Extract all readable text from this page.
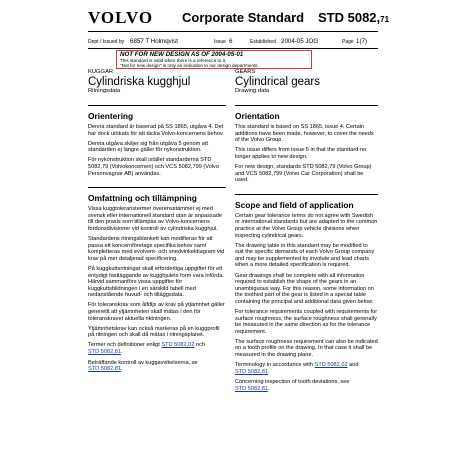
VOLVO Corporate Standard STD 5082,71
Dept / Issued by 6857 T Holmqvist	Issue 6	Established 2004-05 JOG	Page 1(7)
NOT FOR NEW DESIGN AS OF 2004-05-01
This standard is valid when there is a reference to it.
"Not for new design" is only an indication to our design departments.
KUGGAR
Cylindriska kugghjul
Ritningsdata
Orientering

Denna standard är baserad på SS 1865, utgåva 4. Det har dock utökats för att täcka Volvo-koncernens behov.

Denna utgåva skiljer sig från utgåva 5 genom att standarden ej längre gäller för nykonstruktion.

För nykonstruktion skall istället standarderna STD 5082,79 (Volvokoncernen) och VCS 5082,799 (Volvo Personvagnar AB) användas.

Omfattning och tillämpning

Vissa kuggtoleranstermer överensstämmer ej med svensk eller internationell standard utan är anpassade till den praxis som tillämpas av Volvo-koncernens fordonsdivisioner vid kontroll av cylindriska kugghjul.

Standardens ritningsblankett kan modifieras för att passa ett koncernföretags specifika behov samt kompletteras med evolvent- och snedvinkeldiagram vid krav på mer detaljerad specificering.

På kuggkuttsritningar skall erforderliga uppgifter för ett entydigt fastläggande av kugghjulets form vara införda. Härvid sammanförs vissa uppgifter för kuggkuttsbildningen i en särskild tabell med nedanstående huvud- och tilläggsdata.

För toleranskrav som ålfdljs av krav på ytjämnhet gäller generellt att ytjämnheten skall mätas i den för toleranskravet aktuella riktningen.

Ytjämnhetskrav kan också markeras på en kuggprofil på ritningen och skall då mätas i ritningsplanet.

Termer och definitioner enligt STD 5082,02 och
STD 5082,81.
Beträffande kontroll av kuggavvikelserna, se
STD 5082,81.
GEARS
Cylindrical gears
Drawing data
Orientation

This standard is based on SS 1865, issue 4. Certain additions have been made, however, to cover the needs of the Volvo Group.

This issue differs from issue 5 in that the standard no longer applies to new design.

For new design, standards STD 5082,79 (Volvo Group) and VCS 5082,799 (Volvo Car Corporation) shall be used.

Scope and field of application

Certain gear tolerance terms do not agree with Swedish or international standards but are adapted to the common practice at the Volvo Group vehicle divisions when inspecting cylindrical gears.

The drawing table in this standard may be modified to suit the specific demands of each Volvo Group company and may be supplemented by involute and lead charts when a more detailed specification is required.

Gear drawings shall be complete with all information required to establish the shape of the gears in an unambiguous way. For this reason, some information on the toothed part of the gear is listed in a special table containing the principal and additional data given below.

For tolerance requirements coupled with requirements for surface roughness, the surface roughness shall generally be measured in the same direction as for the tolerance requirement.

The surface roughness requirement can also be indicated on a tooth profile on the drawing. In that case it shall be measured in the drawing plane.

Terminology in accordance with STD 5082,02 and
STD 5082,81.
Concerning inspection of tooth deviations, see
STD 5082,81.
